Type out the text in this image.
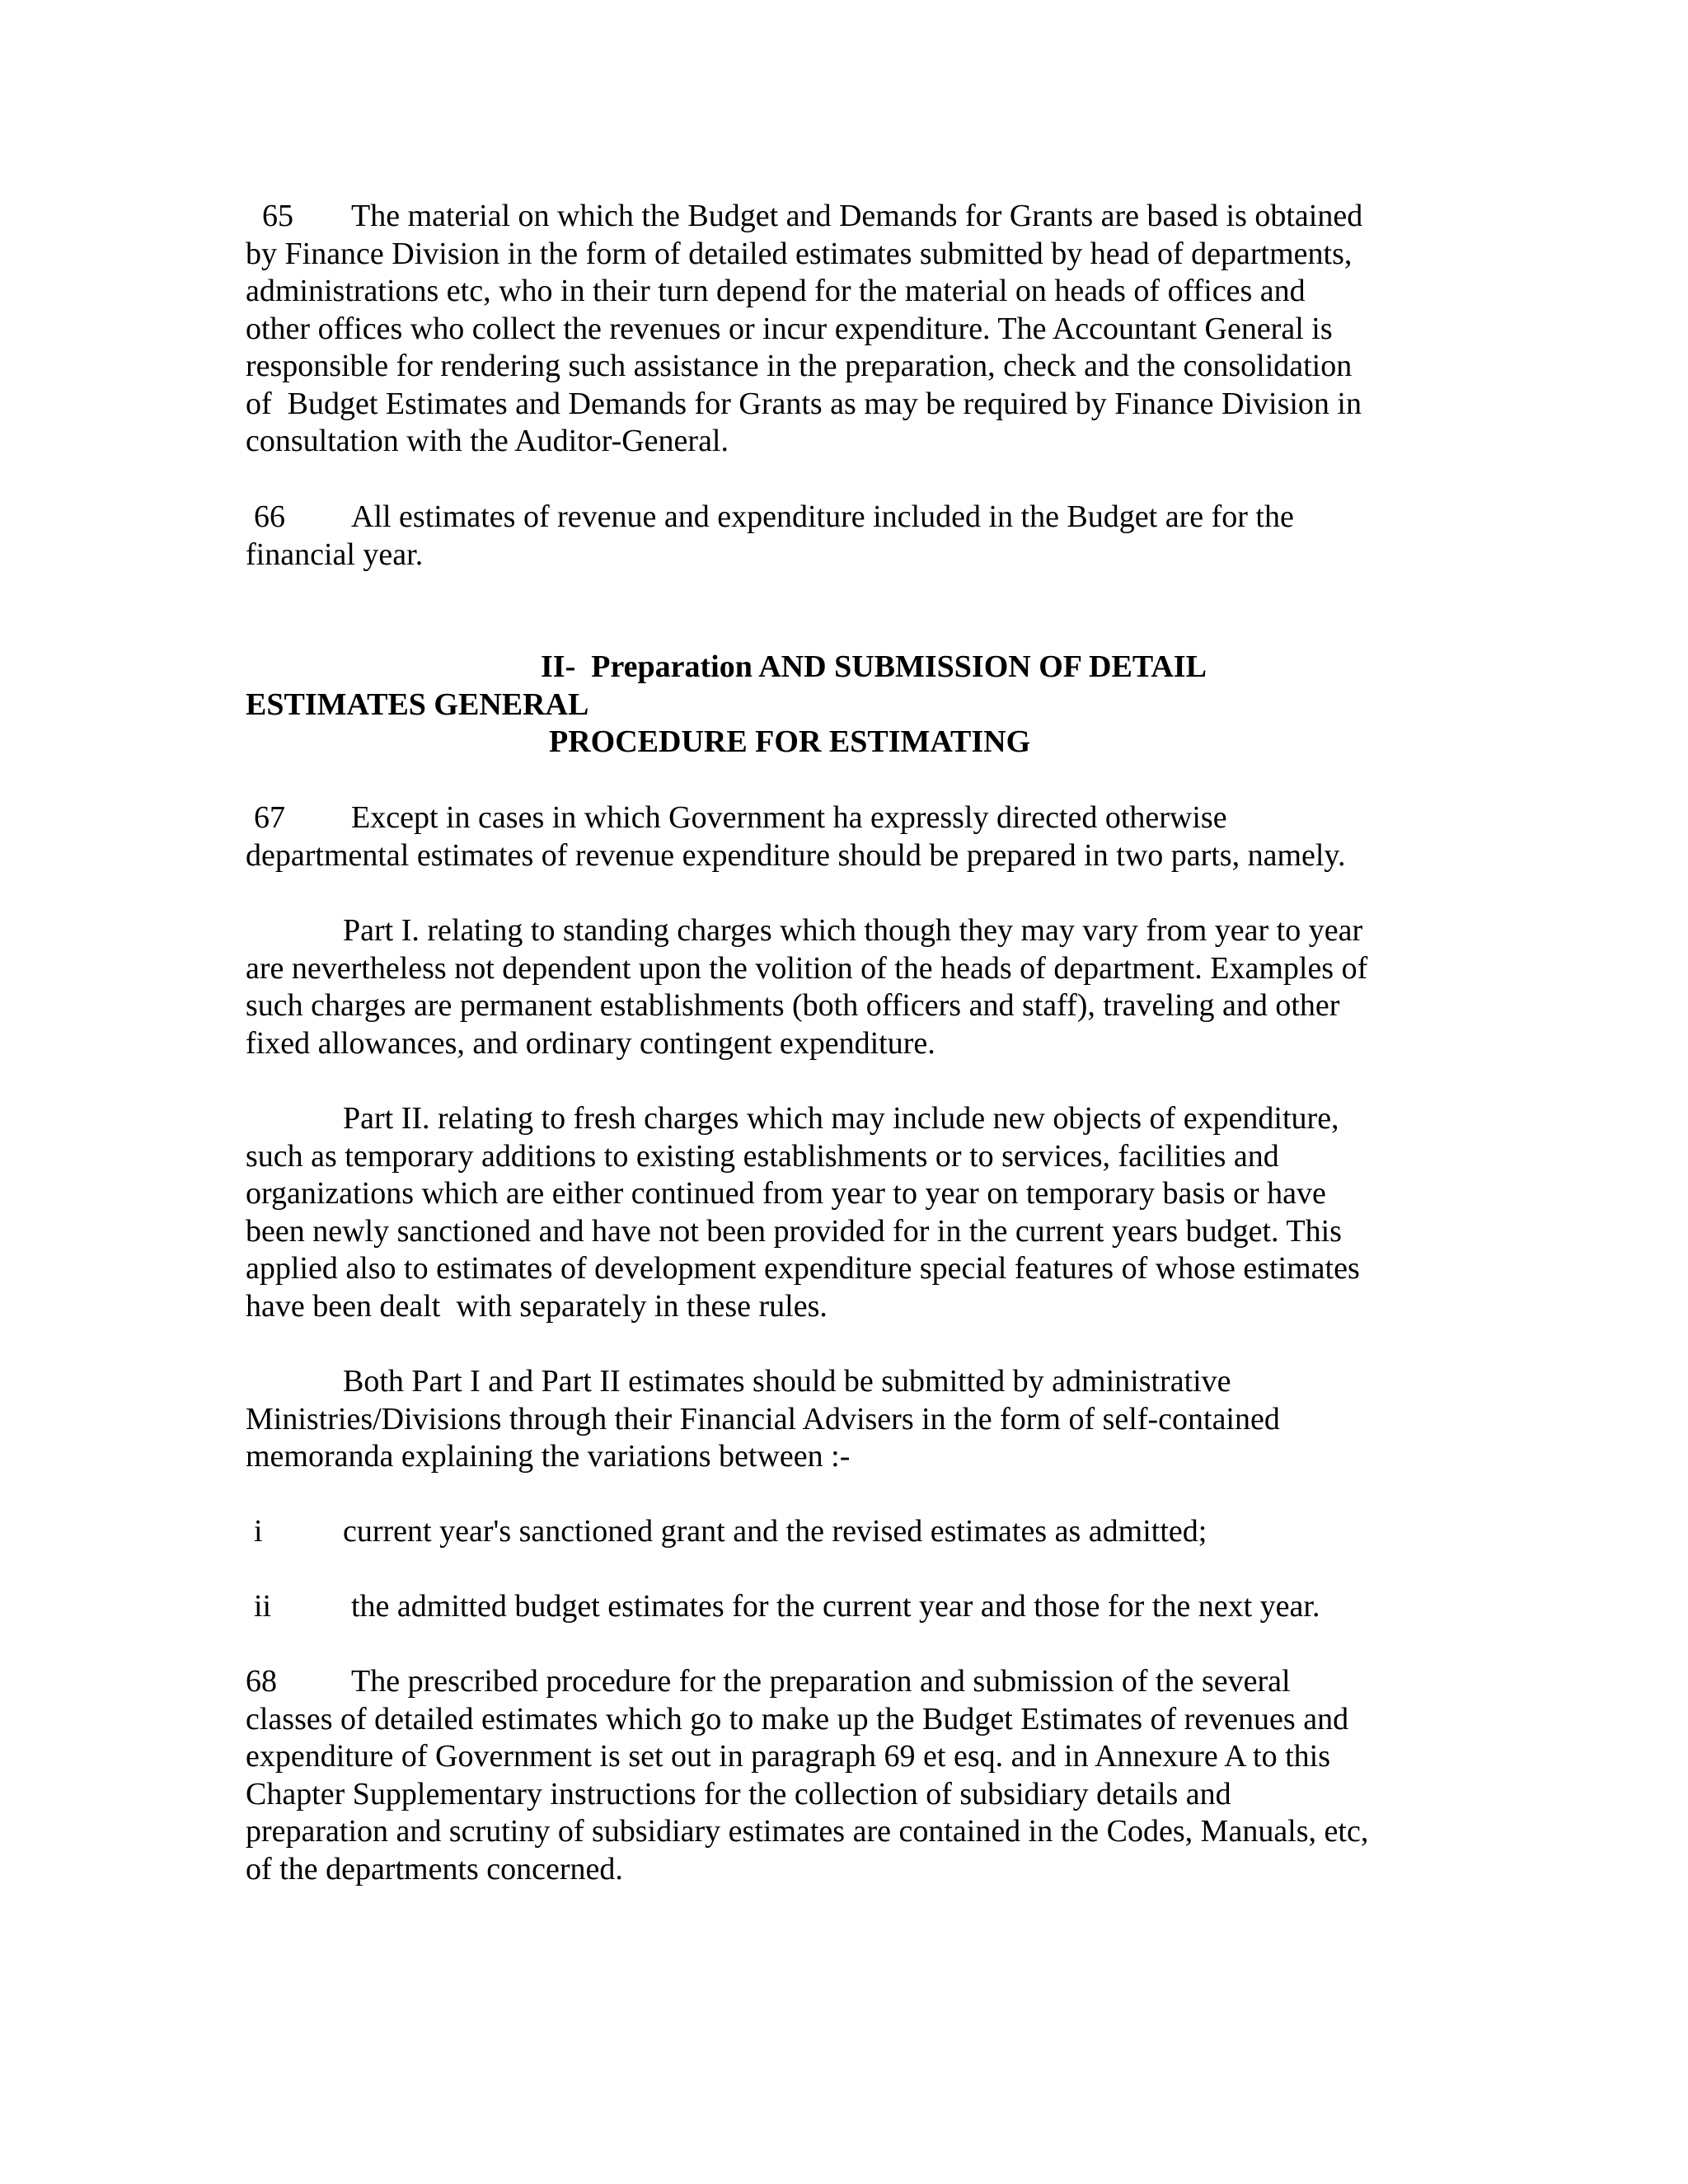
65 The material on which the Budget and Demands for Grants are based is obtained
by Finance Division in the form of detailed estimates submitted by head of departments,
administrations etc, who in their turn depend for the material on heads of offices and
other offices who collect the revenues or incur expenditure. The Accountant General is
responsible for rendering such assistance in the preparation, check and the consolidation
of  Budget Estimates and Demands for Grants as may be required by Finance Division in
consultation with the Auditor-General.
66 All estimates of revenue and expenditure included in the Budget are for the
financial year.
II-  Preparation AND SUBMISSION OF DETAIL
ESTIMATES GENERAL
PROCEDURE FOR ESTIMATING
67 Except in cases in which Government ha expressly directed otherwise
departmental estimates of revenue expenditure should be prepared in two parts, namely.
Part I. relating to standing charges which though they may vary from year to year
are nevertheless not dependent upon the volition of the heads of department. Examples of
such charges are permanent establishments (both officers and staff), traveling and other
fixed allowances, and ordinary contingent expenditure.
Part II. relating to fresh charges which may include new objects of expenditure,
such as temporary additions to existing establishments or to services, facilities and
organizations which are either continued from year to year on temporary basis or have
been newly sanctioned and have not been provided for in the current years budget. This
applied also to estimates of development expenditure special features of whose estimates
have been dealt  with separately in these rules.
Both Part I and Part II estimates should be submitted by administrative
Ministries/Divisions through their Financial Advisers in the form of self-contained
memoranda explaining the variations between :-
i	current year's sanctioned grant and the revised estimates as admitted;
ii	the admitted budget estimates for the current year and those for the next year.
68 The prescribed procedure for the preparation and submission of the several
classes of detailed estimates which go to make up the Budget Estimates of revenues and
expenditure of Government is set out in paragraph 69 et esq. and in Annexure A to this
Chapter Supplementary instructions for the collection of subsidiary details and
preparation and scrutiny of subsidiary estimates are contained in the Codes, Manuals, etc,
of the departments concerned.
